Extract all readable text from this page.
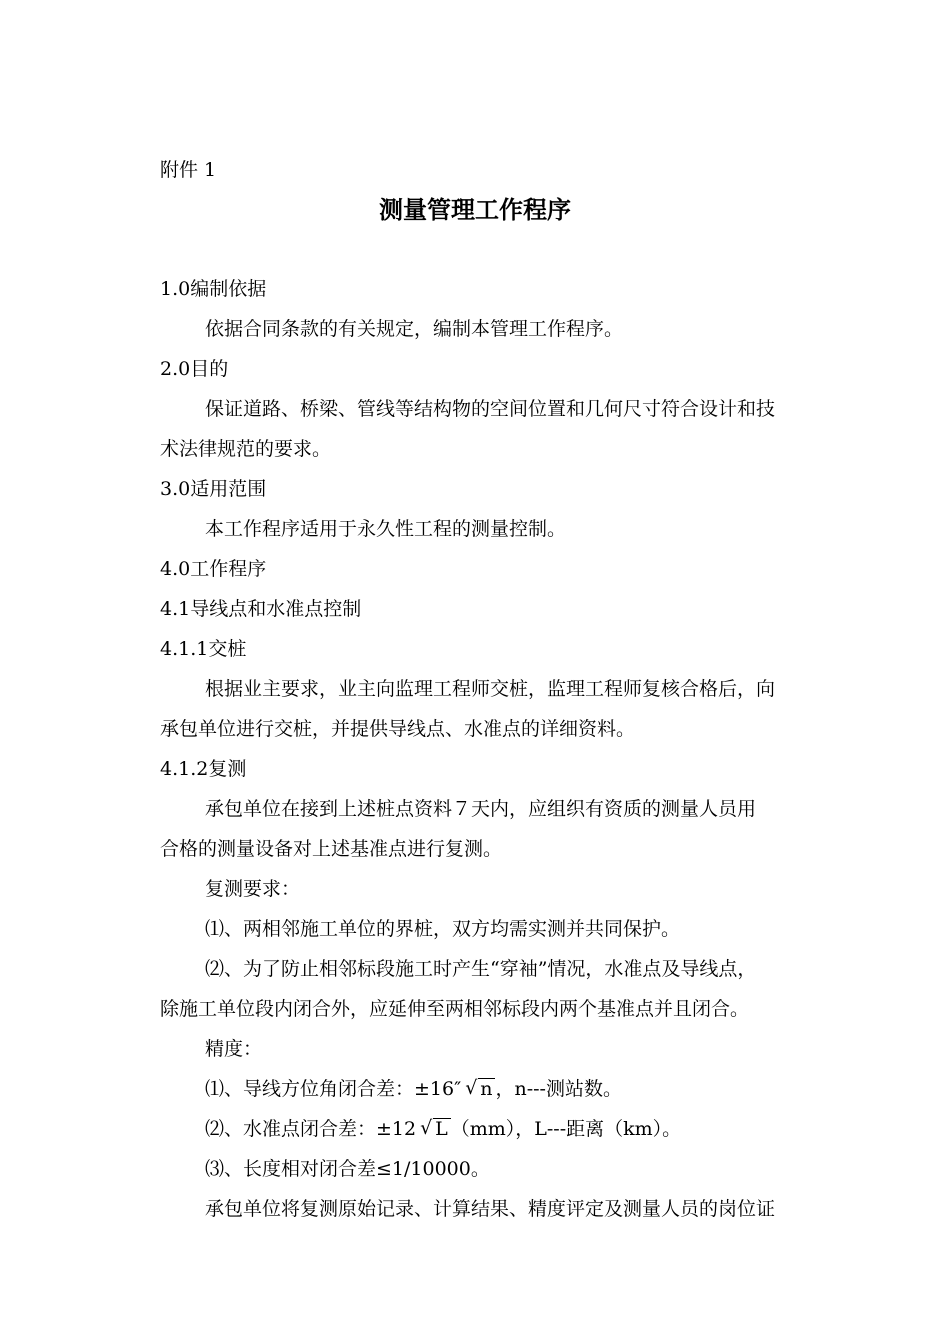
附件 1
测量管理工作程序
1.0编制依据
依据合同条款的有关规定，编制本管理工作程序。
2.0目的
保证道路、桥梁、管线等结构物的空间位置和几何尺寸符合设计和技
术法律规范的要求。
3.0适用范围
本工作程序适用于永久性工程的测量控制。
4.0工作程序
4.1导线点和水准点控制
4.1.1交桩
根据业主要求，业主向监理工程师交桩，监理工程师复核合格后，向
承包单位进行交桩，并提供导线点、水准点的详细资料。
4.1.2复测
承包单位在接到上述桩点资料７天内，应组织有资质的测量人员用
合格的测量设备对上述基准点进行复测。
复测要求：
⑴、两相邻施工单位的界桩，双方均需实测并共同保护。
⑵、为了防止相邻标段施工时产生“穿袖”情况，水准点及导线点，
除施工单位段内闭合外，应延伸至两相邻标段内两个基准点并且闭合。
精度：
⑴、导线方位角闭合差：±16″ √ n ，n---测站数。
⑵、水准点闭合差：±12 √ L （mm），L---距离（km）。
⑶、长度相对闭合差≤1/10000。
承包单位将复测原始记录、计算结果、精度评定及测量人员的岗位证
